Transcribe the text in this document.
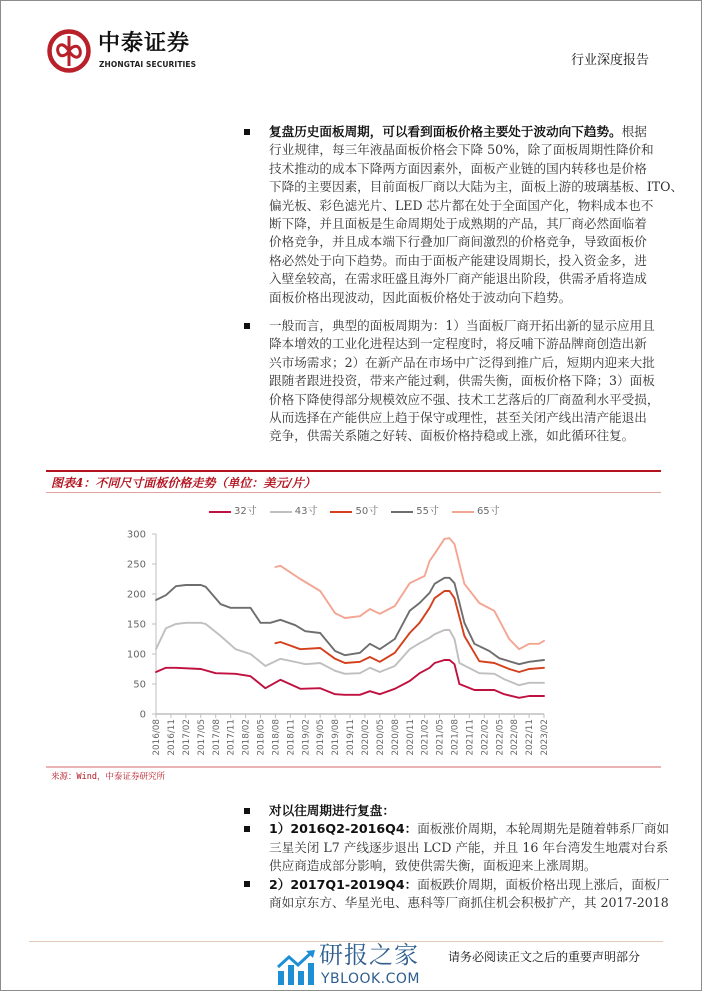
中泰证券
ZHONGTAI SECURITIES	行业深度报告
复盘历史面板周期，可以看到面板价格主要处于波动向下趋势。根据
行业规律，每三年液晶面板价格会下降 50%，除了面板周期性降价和
技术推动的成本下降两方面因素外，面板产业链的国内转移也是价格
下降的主要因素，目前面板厂商以大陆为主，面板上游的玻璃基板、ITO、
偏光板、彩色滤光片、LED 芯片都在处于全面国产化，物料成本也不
断下降，并且面板是生命周期处于成熟期的产品，其厂商必然面临着
价格竞争，并且成本端下行叠加厂商间激烈的价格竞争，导致面板价
格必然处于向下趋势。而由于面板产能建设周期长，投入资金多，进
入壁垒较高，在需求旺盛且海外厂商产能退出阶段，供需矛盾将造成
面板价格出现波动，因此面板价格处于波动向下趋势。
一般而言，典型的面板周期为：1）当面板厂商开拓出新的显示应用且
降本增效的工业化进程达到一定程度时，将反哺下游品牌商创造出新
兴市场需求；2）在新产品在市场中广泛得到推广后，短期内迎来大批
跟随者跟进投资，带来产能过剩，供需失衡，面板价格下降；3）面板
价格下降使得部分规模效应不强、技术工艺落后的厂商盈利水平受损，
从而选择在产能供应上趋于保守或理性，甚至关闭产线出清产能退出
竞争，供需关系随之好转、面板价格持稳或上涨，如此循环往复。
图表4：不同尺寸面板价格走势（单位：美元/片）
32寸	43寸	50寸	55寸	65寸
0
50
100
150
200
250
300
2016/08 2016/11 2017/02 2017/05 2017/08 2017/11 2018/02 2018/05 2018/08 2018/11 2019/02 2019/05 2019/08 2019/11 2020/02 2020/05 2020/08 2020/11 2021/02 2021/05 2021/08 2021/11 2022/02 2022/05 2022/08 2022/11 2023/02
来源：Wind，中泰证券研究所
对以往周期进行复盘：
1）2016Q2-2016Q4：面板涨价周期，本轮周期先是随着韩系厂商如
三星关闭 L7 产线逐步退出 LCD 产能，并且 16 年台湾发生地震对台系
供应商造成部分影响，致使供需失衡，面板迎来上涨周期。
2）2017Q1-2019Q4：面板跌价周期，面板价格出现上涨后，面板厂
商如京东方、华星光电、惠科等厂商抓住机会积极扩产，其 2017-2018
研报之家
YBLOOK.COM
请务必阅读正文之后的重要声明部分
